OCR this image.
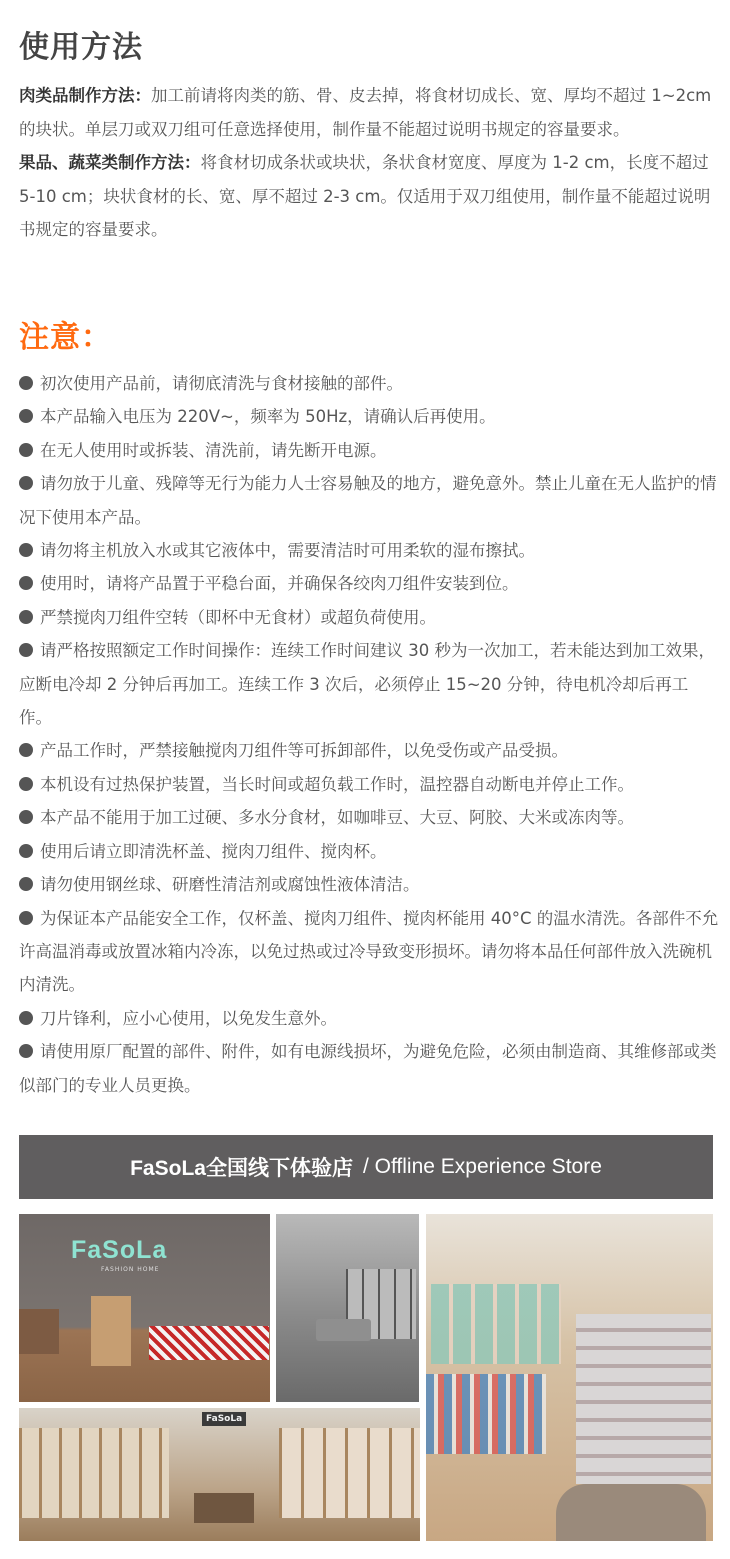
使用方法

肉类品制作方法：加工前请将肉类的筋、骨、皮去掉，将食材切成长、宽、厚均不超过 1~2cm 的块状。单层刀或双刀组可任意选择使用，制作量不能超过说明书规定的容量要求。

果品、蔬菜类制作方法：将食材切成条状或块状，条状食材宽度、厚度为 1-2 cm，长度不超过 5-10 cm；块状食材的长、宽、厚不超过 2-3 cm。仅适用于双刀组使用，制作量不能超过说明书规定的容量要求。

注意：

初次使用产品前，请彻底清洗与食材接触的部件。

本产品输入电压为 220V~，频率为 50Hz，请确认后再使用。

在无人使用时或拆装、清洗前，请先断开电源。

请勿放于儿童、残障等无行为能力人士容易触及的地方，避免意外。禁止儿童在无人监护的情况下使用本产品。

请勿将主机放入水或其它液体中，需要清洁时可用柔软的湿布擦拭。

使用时，请将产品置于平稳台面，并确保各绞肉刀组件安装到位。

严禁搅肉刀组件空转（即杯中无食材）或超负荷使用。

请严格按照额定工作时间操作：连续工作时间建议 30 秒为一次加工，若未能达到加工效果，应断电冷却 2 分钟后再加工。连续工作 3 次后，必须停止 15~20 分钟，待电机冷却后再工作。

产品工作时，严禁接触搅肉刀组件等可拆卸部件，以免受伤或产品受损。

本机设有过热保护装置，当长时间或超负载工作时，温控器自动断电并停止工作。

本产品不能用于加工过硬、多水分食材，如咖啡豆、大豆、阿胶、大米或冻肉等。

使用后请立即清洗杯盖、搅肉刀组件、搅肉杯。

请勿使用钢丝球、研磨性清洁剂或腐蚀性液体清洁。

为保证本产品能安全工作，仅杯盖、搅肉刀组件、搅肉杯能用 40°C 的温水清洗。各部件不允许高温消毒或放置冰箱内冷冻，以免过热或过冷导致变形损坏。请勿将本品任何部件放入洗碗机内清洗。

刀片锋利，应小心使用，以免发生意外。

请使用原厂配置的部件、附件，如有电源线损坏，为避免危险，必须由制造商、其维修部或类似部门的专业人员更换。

FaSoLa全国线下体验店 / Offline Experience Store
FaSoLa
FASHION HOME
FaSoLa
